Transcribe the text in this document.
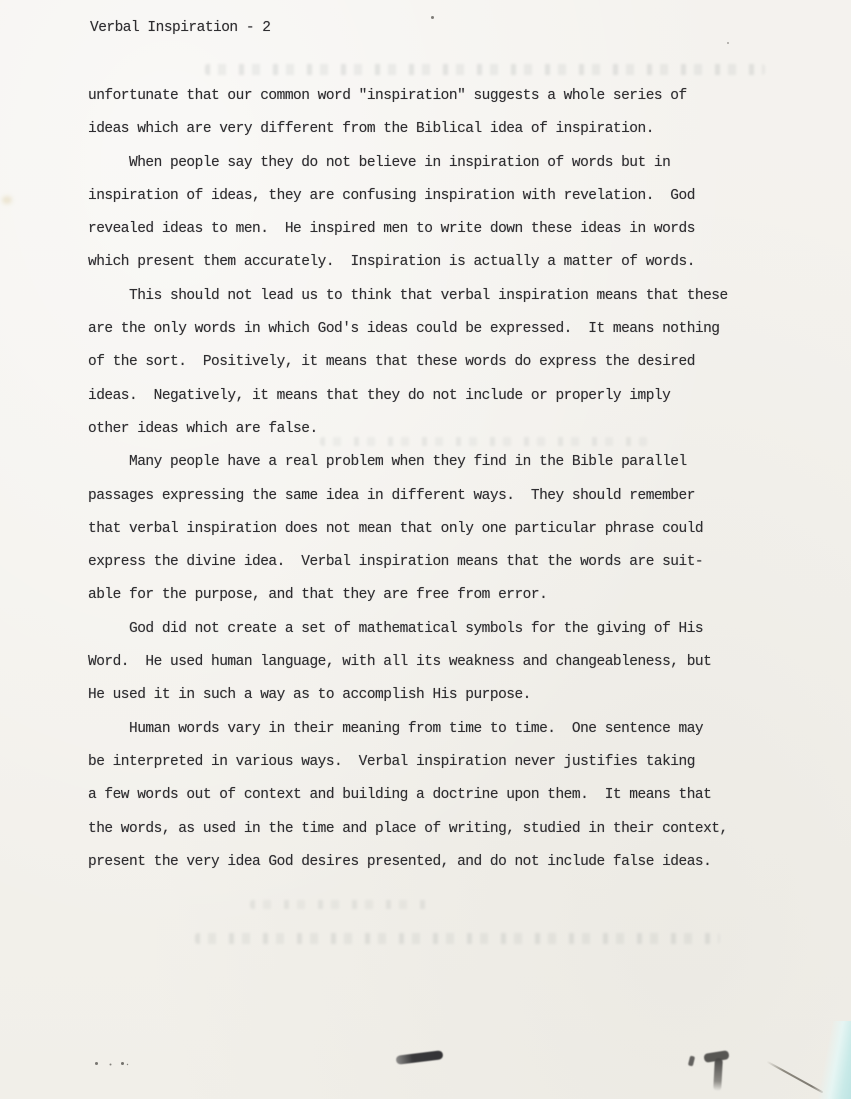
Verbal Inspiration - 2
unfortunate that our common word "inspiration" suggests a whole series of
ideas which are very different from the Biblical idea of inspiration.
When people say they do not believe in inspiration of words but in
inspiration of ideas, they are confusing inspiration with revelation.  God
revealed ideas to men.  He inspired men to write down these ideas in words
which present them accurately.  Inspiration is actually a matter of words.
This should not lead us to think that verbal inspiration means that these
are the only words in which God's ideas could be expressed.  It means nothing
of the sort.  Positively, it means that these words do express the desired
ideas.  Negatively, it means that they do not include or properly imply
other ideas which are false.
Many people have a real problem when they find in the Bible parallel
passages expressing the same idea in different ways.  They should remember
that verbal inspiration does not mean that only one particular phrase could
express the divine idea.  Verbal inspiration means that the words are suit-
able for the purpose, and that they are free from error.
God did not create a set of mathematical symbols for the giving of His
Word.  He used human language, with all its weakness and changeableness, but
He used it in such a way as to accomplish His purpose.
Human words vary in their meaning from time to time.  One sentence may
be interpreted in various ways.  Verbal inspiration never justifies taking
a few words out of context and building a doctrine upon them.  It means that
the words, as used in the time and place of writing, studied in their context,
present the very idea God desires presented, and do not include false ideas.
